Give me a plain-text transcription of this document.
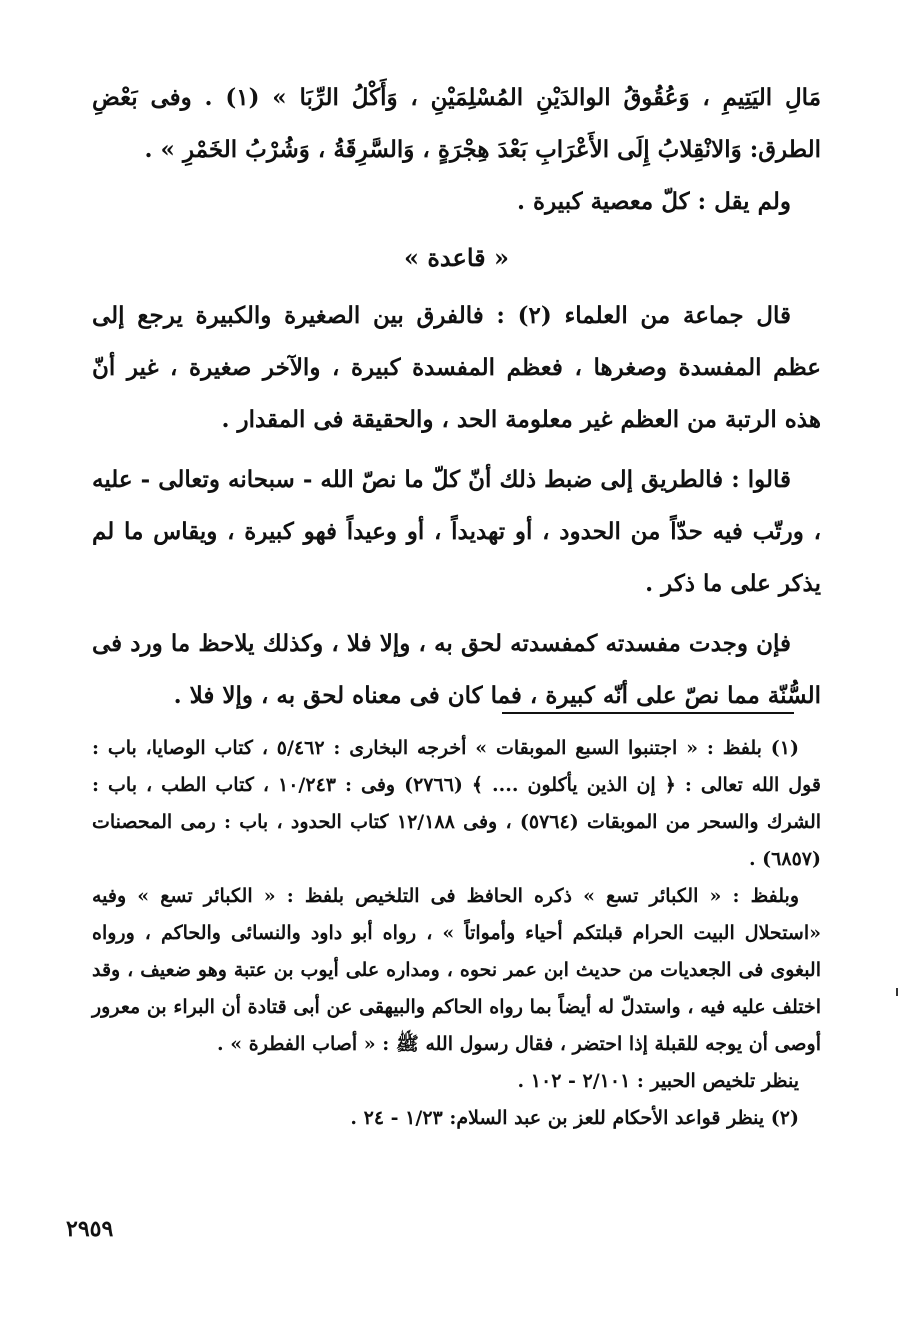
مَالِ اليَتِيمِ ، وَعُقُوقُ الوالدَيْنِ المُسْلِمَيْنِ ، وَأَكْلُ الرِّبَا » (١) . وفى بَعْضِ الطرق: وَالانْقِلابُ إِلَى الأَعْرَابِ بَعْدَ هِجْرَةٍ ، وَالسَّرِقَةُ ، وَشُرْبُ الخَمْرِ » .

ولم يقل : كلّ معصية كبيرة .

« قاعدة »

قال جماعة من العلماء (٢) : فالفرق بين الصغيرة والكبيرة يرجع إلى عظم المفسدة وصغرها ، فعظم المفسدة كبيرة ، والآخر صغيرة ، غير أنّ هذه الرتبة من العظم غير معلومة الحد ، والحقيقة فى المقدار .

قالوا : فالطريق إلى ضبط ذلك أنّ كلّ ما نصّ الله - سبحانه وتعالى - عليه ، ورتّب فيه حدّاً من الحدود ، أو تهديداً ، أو وعيداً فهو كبيرة ، ويقاس ما لم يذكر على ما ذكر .

فإن وجدت مفسدته كمفسدته لحق به ، وإلا فلا ، وكذلك يلاحظ ما ورد فى السُّنّة مما نصّ على أنّه كبيرة ، فما كان فى معناه لحق به ، وإلا فلا .

(١) بلفظ : « اجتنبوا السبع الموبقات » أخرجه البخارى : ٥/٤٦٢ ، كتاب الوصايا، باب : قول الله تعالى : ﴿ إن الذين يأكلون .... ﴾ (٢٧٦٦) وفى : ١٠/٢٤٣ ، كتاب الطب ، باب : الشرك والسحر من الموبقات (٥٧٦٤) ، وفى ١٢/١٨٨ كتاب الحدود ، باب : رمى المحصنات (٦٨٥٧) .

وبلفظ : « الكبائر تسع » ذكره الحافظ فى التلخيص بلفظ : « الكبائر تسع » وفيه «استحلال البيت الحرام قبلتكم أحياء وأمواتاً » ، رواه أبو داود والنسائى والحاكم ، ورواه البغوى فى الجعديات من حديث ابن عمر نحوه ، ومداره على أيوب بن عتبة وهو ضعيف ، وقد اختلف عليه فيه ، واستدلّ له أيضاً بما رواه الحاكم والبيهقى عن أبى قتادة أن البراء بن معرور أوصى أن يوجه للقبلة إذا احتضر ، فقال رسول الله ﷺ : « أصاب الفطرة » .

ينظر تلخيص الحبير : ٢/١٠١ - ١٠٢ .

(٢) ينظر قواعد الأحكام للعز بن عبد السلام: ١/٢٣ - ٢٤ .

٢٩٥٩
